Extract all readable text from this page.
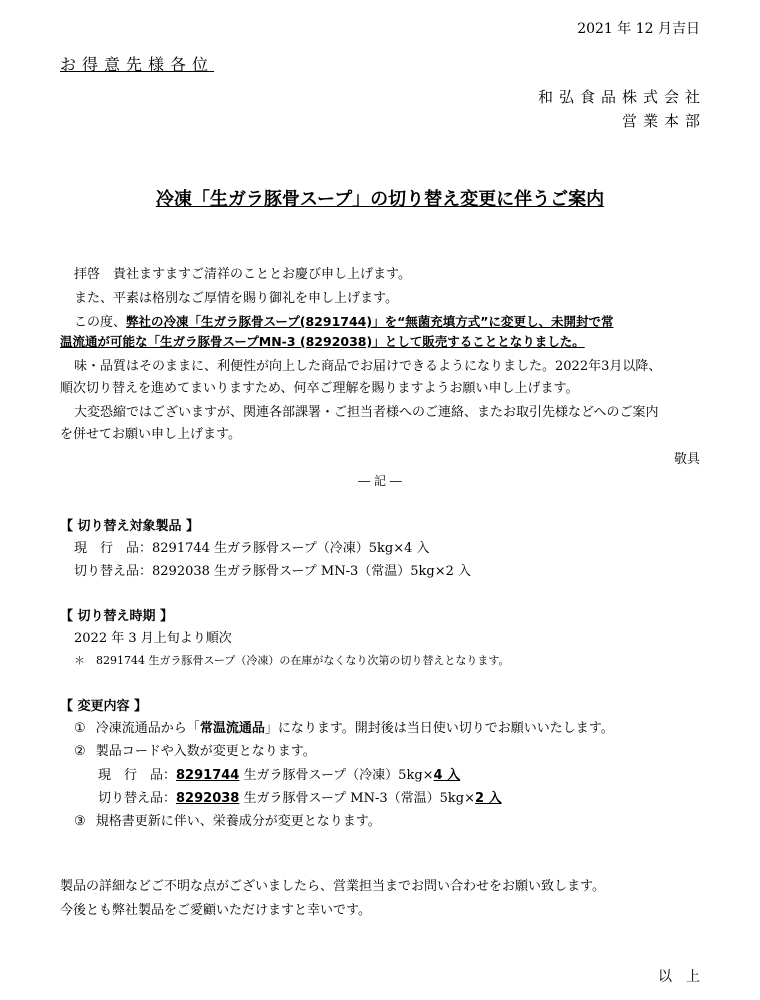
2021 年 12 月吉日
お得意先様各位
和弘食品株式会社
営業本部
冷凍「生ガラ豚骨スープ」の切り替え変更に伴うご案内
拝啓　貴社ますますご清祥のこととお慶び申し上げます。
また、平素は格別なご厚情を賜り御礼を申し上げます。
この度、弊社の冷凍「生ガラ豚骨スープ(8291744)」を“無菌充填方式”に変更し、未開封で常
温流通が可能な「生ガラ豚骨スープMN-3 (8292038)」として販売することとなりました。
味・品質はそのままに、利便性が向上した商品でお届けできるようになりました。2022年3月以降、
順次切り替えを進めてまいりますため、何卒ご理解を賜りますようお願い申し上げます。
大変恐縮ではございますが、関連各部課署・ご担当者様へのご連絡、またお取引先様などへのご案内
を併せてお願い申し上げます。
敬具
― 記 ―
【 切り替え対象製品 】
現　行　品：8291744 生ガラ豚骨スープ（冷凍）5kg×4 入
切り替え品：8292038 生ガラ豚骨スープ MN-3（常温）5kg×2 入
【 切り替え時期 】
2022 年 3 月上旬より順次
＊　8291744 生ガラ豚骨スープ（冷凍）の在庫がなくなり次第の切り替えとなります。
【 変更内容 】
① 冷凍流通品から「常温流通品」になります。開封後は当日使い切りでお願いいたします。
② 製品コードや入数が変更となります。
現　行　品：8291744 生ガラ豚骨スープ（冷凍）5kg×4 入
切り替え品：8292038 生ガラ豚骨スープ MN-3（常温）5kg×2 入
③ 規格書更新に伴い、栄養成分が変更となります。
製品の詳細などご不明な点がございましたら、営業担当までお問い合わせをお願い致します。
今後とも弊社製品をご愛顧いただけますと幸いです。
以　上
